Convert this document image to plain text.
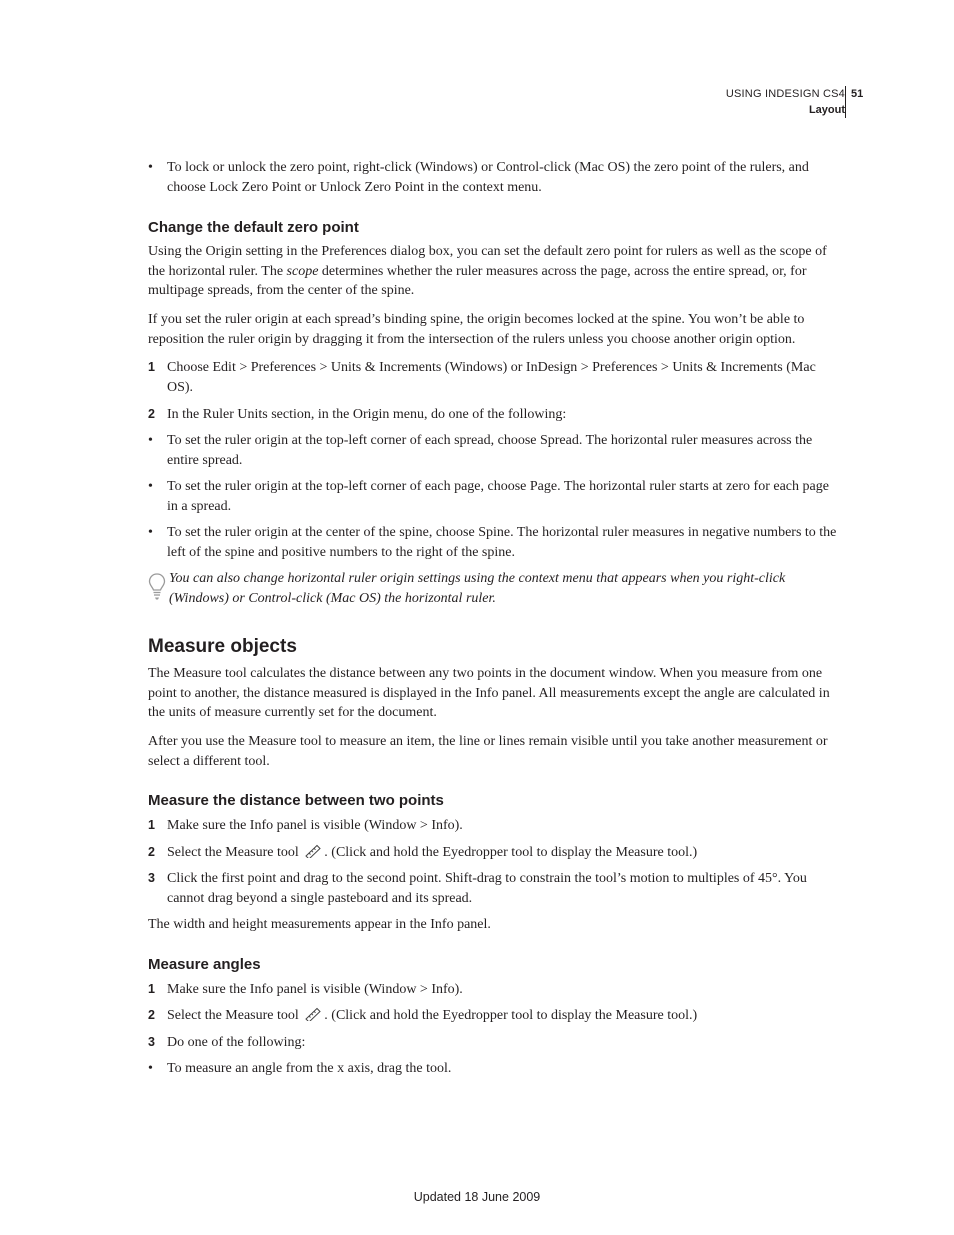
USING INDESIGN CS4
Layout
51
•	To lock or unlock the zero point, right-click (Windows) or Control-click (Mac OS) the zero point of the rulers, and choose Lock Zero Point or Unlock Zero Point in the context menu.
Change the default zero point

Using the Origin setting in the Preferences dialog box, you can set the default zero point for rulers as well as the scope of the horizontal ruler. The scope determines whether the ruler measures across the page, across the entire spread, or, for multipage spreads, from the center of the spine.

If you set the ruler origin at each spread’s binding spine, the origin becomes locked at the spine. You won’t be able to reposition the ruler origin by dragging it from the intersection of the rulers unless you choose another origin option.

1 Choose Edit > Preferences > Units & Increments (Windows) or InDesign > Preferences > Units & Increments (Mac OS).
2 In the Ruler Units section, in the Origin menu, do one of the following:
•	To set the ruler origin at the top-left corner of each spread, choose Spread. The horizontal ruler measures across the entire spread.
•	To set the ruler origin at the top-left corner of each page, choose Page. The horizontal ruler starts at zero for each page in a spread.
•	To set the ruler origin at the center of the spine, choose Spine. The horizontal ruler measures in negative numbers to the left of the spine and positive numbers to the right of the spine.
You can also change horizontal ruler origin settings using the context menu that appears when you right-click (Windows) or Control-click (Mac OS) the horizontal ruler.
Measure objects

The Measure tool calculates the distance between any two points in the document window. When you measure from one point to another, the distance measured is displayed in the Info panel. All measurements except the angle are calculated in the units of measure currently set for the document.

After you use the Measure tool to measure an item, the line or lines remain visible until you take another measurement or select a different tool.

Measure the distance between two points
1 Make sure the Info panel is visible (Window > Info).
2 Select the Measure tool . (Click and hold the Eyedropper tool to display the Measure tool.)
3 Click the first point and drag to the second point. Shift-drag to constrain the tool’s motion to multiples of 45°. You cannot drag beyond a single pasteboard and its spread.

The width and height measurements appear in the Info panel.

Measure angles
1 Make sure the Info panel is visible (Window > Info).
2 Select the Measure tool . (Click and hold the Eyedropper tool to display the Measure tool.)
3 Do one of the following:
•	To measure an angle from the x axis, drag the tool.
Updated 18 June 2009
